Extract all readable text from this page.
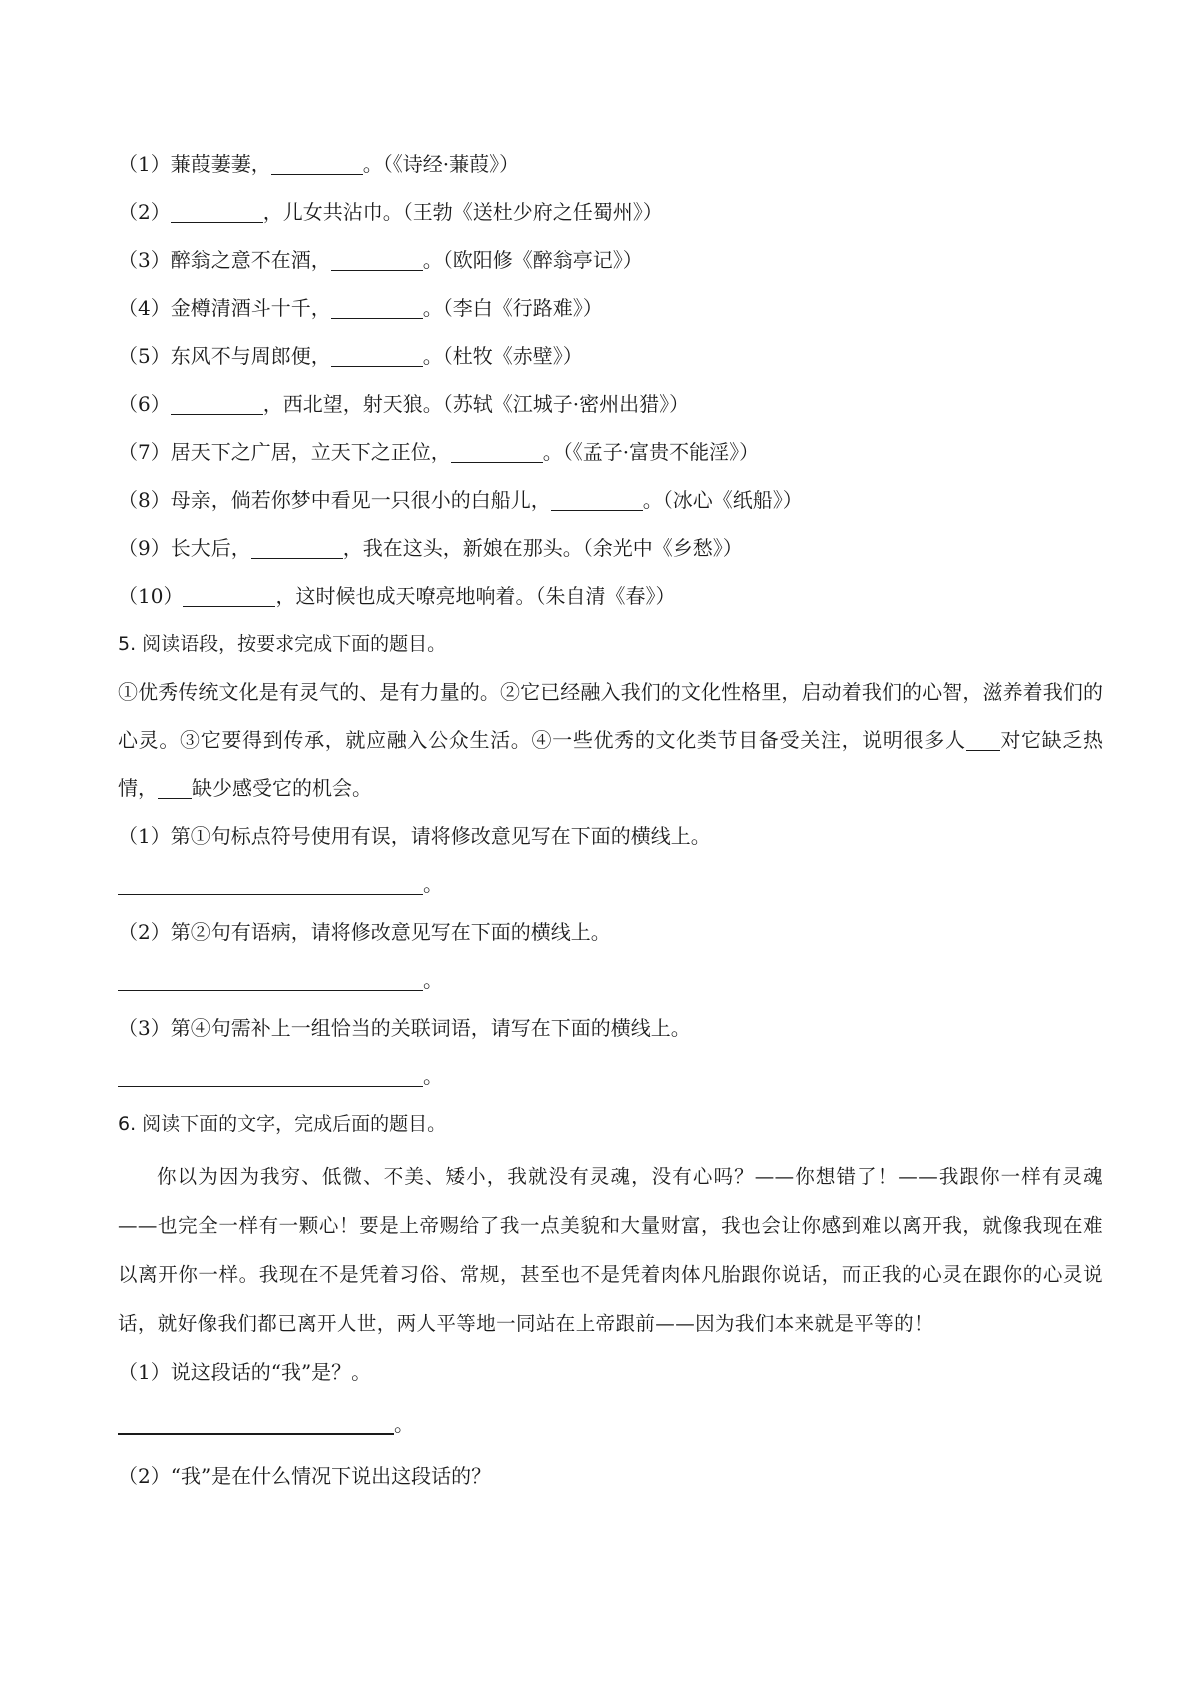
（1）蒹葭萋萋，	。（《诗经·蒹葭》）
（2）	，儿女共沾巾。（王勃《送杜少府之任蜀州》）
（3）醉翁之意不在酒，	。（欧阳修《醉翁亭记》）
（4）金樽清酒斗十千，	。（李白《行路难》）
（5）东风不与周郎便，	。（杜牧《赤壁》）
（6）	，西北望，射天狼。（苏轼《江城子·密州出猎》）
（7）居天下之广居，立天下之正位，	。（《孟子·富贵不能淫》）
（8）母亲，倘若你梦中看见一只很小的白船儿，	。（冰心《纸船》）
（9）长大后，	，我在这头，新娘在那头。（余光中《乡愁》）
（10）	，这时候也成天嘹亮地响着。（朱自清《春》）
5. 阅读语段，按要求完成下面的题目。
①优秀传统文化是有灵气的、是有力量的。②它已经融入我们的文化性格里，启动着我们的心智，滋养着我们的心灵。③它要得到传承，就应融入公众生活。④一些优秀的文化类节目备受关注，说明很多人 对它缺乏热情， 缺少感受它的机会。
（1）第①句标点符号使用有误，请将修改意见写在下面的横线上。
。
（2）第②句有语病，请将修改意见写在下面的横线上。
。
（3）第④句需补上一组恰当的关联词语，请写在下面的横线上。
。
6. 阅读下面的文字，完成后面的题目。

你以为因为我穷、低微、不美、矮小，我就没有灵魂，没有心吗？——你想错了！——我跟你一样有灵魂——也完全一样有一颗心！要是上帝赐给了我一点美貌和大量财富，我也会让你感到难以离开我，就像我现在难以离开你一样。我现在不是凭着习俗、常规，甚至也不是凭着肉体凡胎跟你说话，而正我的心灵在跟你的心灵说话，就好像我们都已离开人世，两人平等地一同站在上帝跟前——因为我们本来就是平等的！

（1）说这段话的“我”是？。
。
（2）“我”是在什么情况下说出这段话的？
